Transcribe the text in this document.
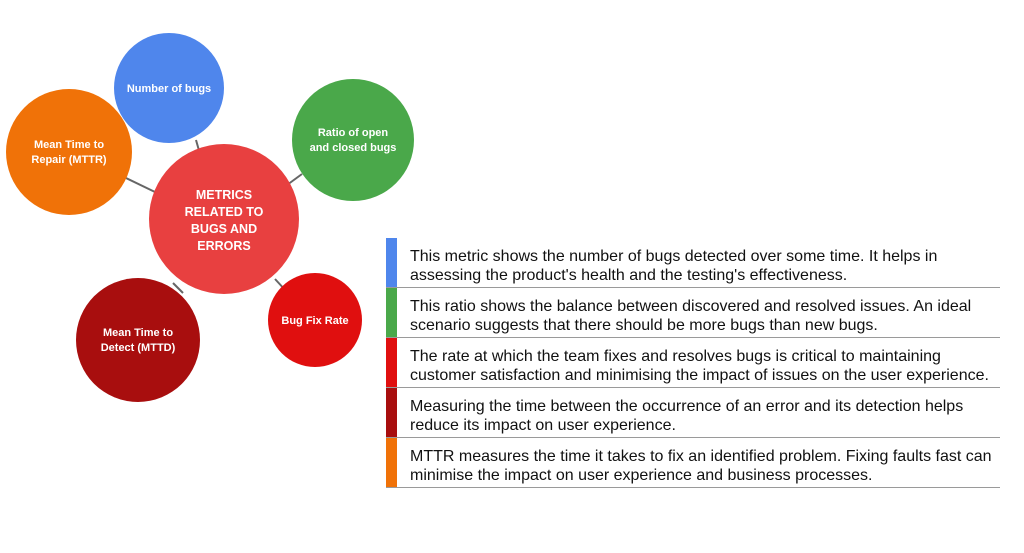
Number of bugs
Ratio of open
and closed bugs
Mean Time to
Repair (MTTR)
Bug Fix Rate
Mean Time to
Detect (MTTD)
METRICS
RELATED TO
BUGS AND
ERRORS
This metric shows the number of bugs detected over some time. It helps in
assessing the product's health and the testing's effectiveness.
This ratio shows the balance between discovered and resolved issues. An ideal
scenario suggests that there should be more bugs than new bugs.
The rate at which the team fixes and resolves bugs is critical to maintaining
customer satisfaction and minimising the impact of issues on the user experience.
Measuring the time between the occurrence of an error and its detection helps
reduce its impact on user experience.
MTTR measures the time it takes to fix an identified problem. Fixing faults fast can
minimise the impact on user experience and business processes.
